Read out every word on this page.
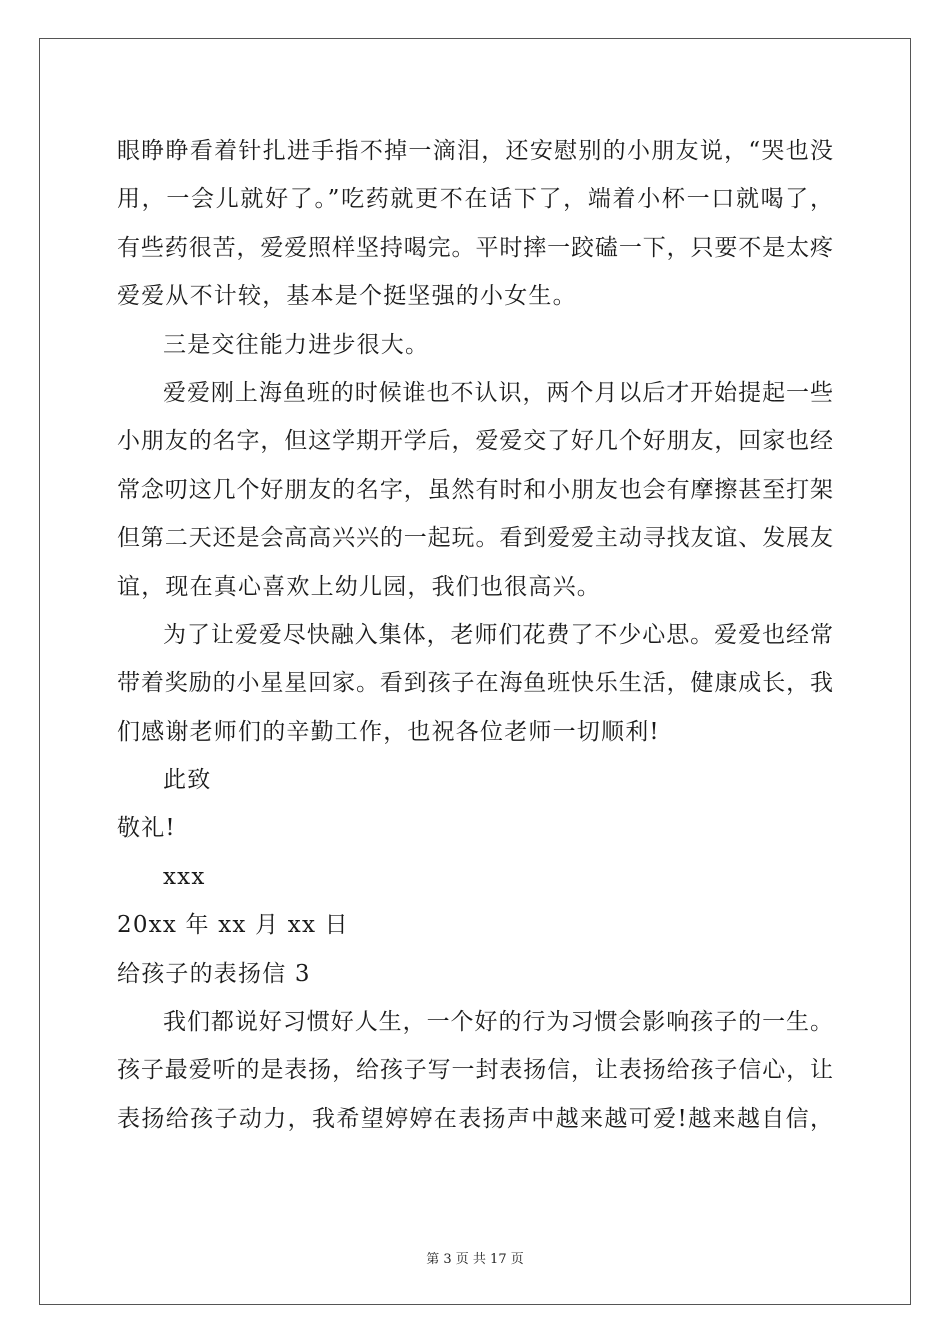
眼睁睁看着针扎进手指不掉一滴泪，还安慰别的小朋友说，“哭也没
用，一会儿就好了。”吃药就更不在话下了，端着小杯一口就喝了，
有些药很苦，爱爱照样坚持喝完。平时摔一跤磕一下，只要不是太疼
爱爱从不计较，基本是个挺坚强的小女生。
三是交往能力进步很大。
爱爱刚上海鱼班的时候谁也不认识，两个月以后才开始提起一些
小朋友的名字，但这学期开学后，爱爱交了好几个好朋友，回家也经
常念叨这几个好朋友的名字，虽然有时和小朋友也会有摩擦甚至打架
但第二天还是会高高兴兴的一起玩。看到爱爱主动寻找友谊、发展友
谊，现在真心喜欢上幼儿园，我们也很高兴。
为了让爱爱尽快融入集体，老师们花费了不少心思。爱爱也经常
带着奖励的小星星回家。看到孩子在海鱼班快乐生活，健康成长，我
们感谢老师们的辛勤工作，也祝各位老师一切顺利!
此致
敬礼!
xxx
20xx 年 xx 月 xx 日
给孩子的表扬信 3
我们都说好习惯好人生，一个好的行为习惯会影响孩子的一生。
孩子最爱听的是表扬，给孩子写一封表扬信，让表扬给孩子信心，让
表扬给孩子动力，我希望婷婷在表扬声中越来越可爱!越来越自信，
第 3 页 共 17 页
